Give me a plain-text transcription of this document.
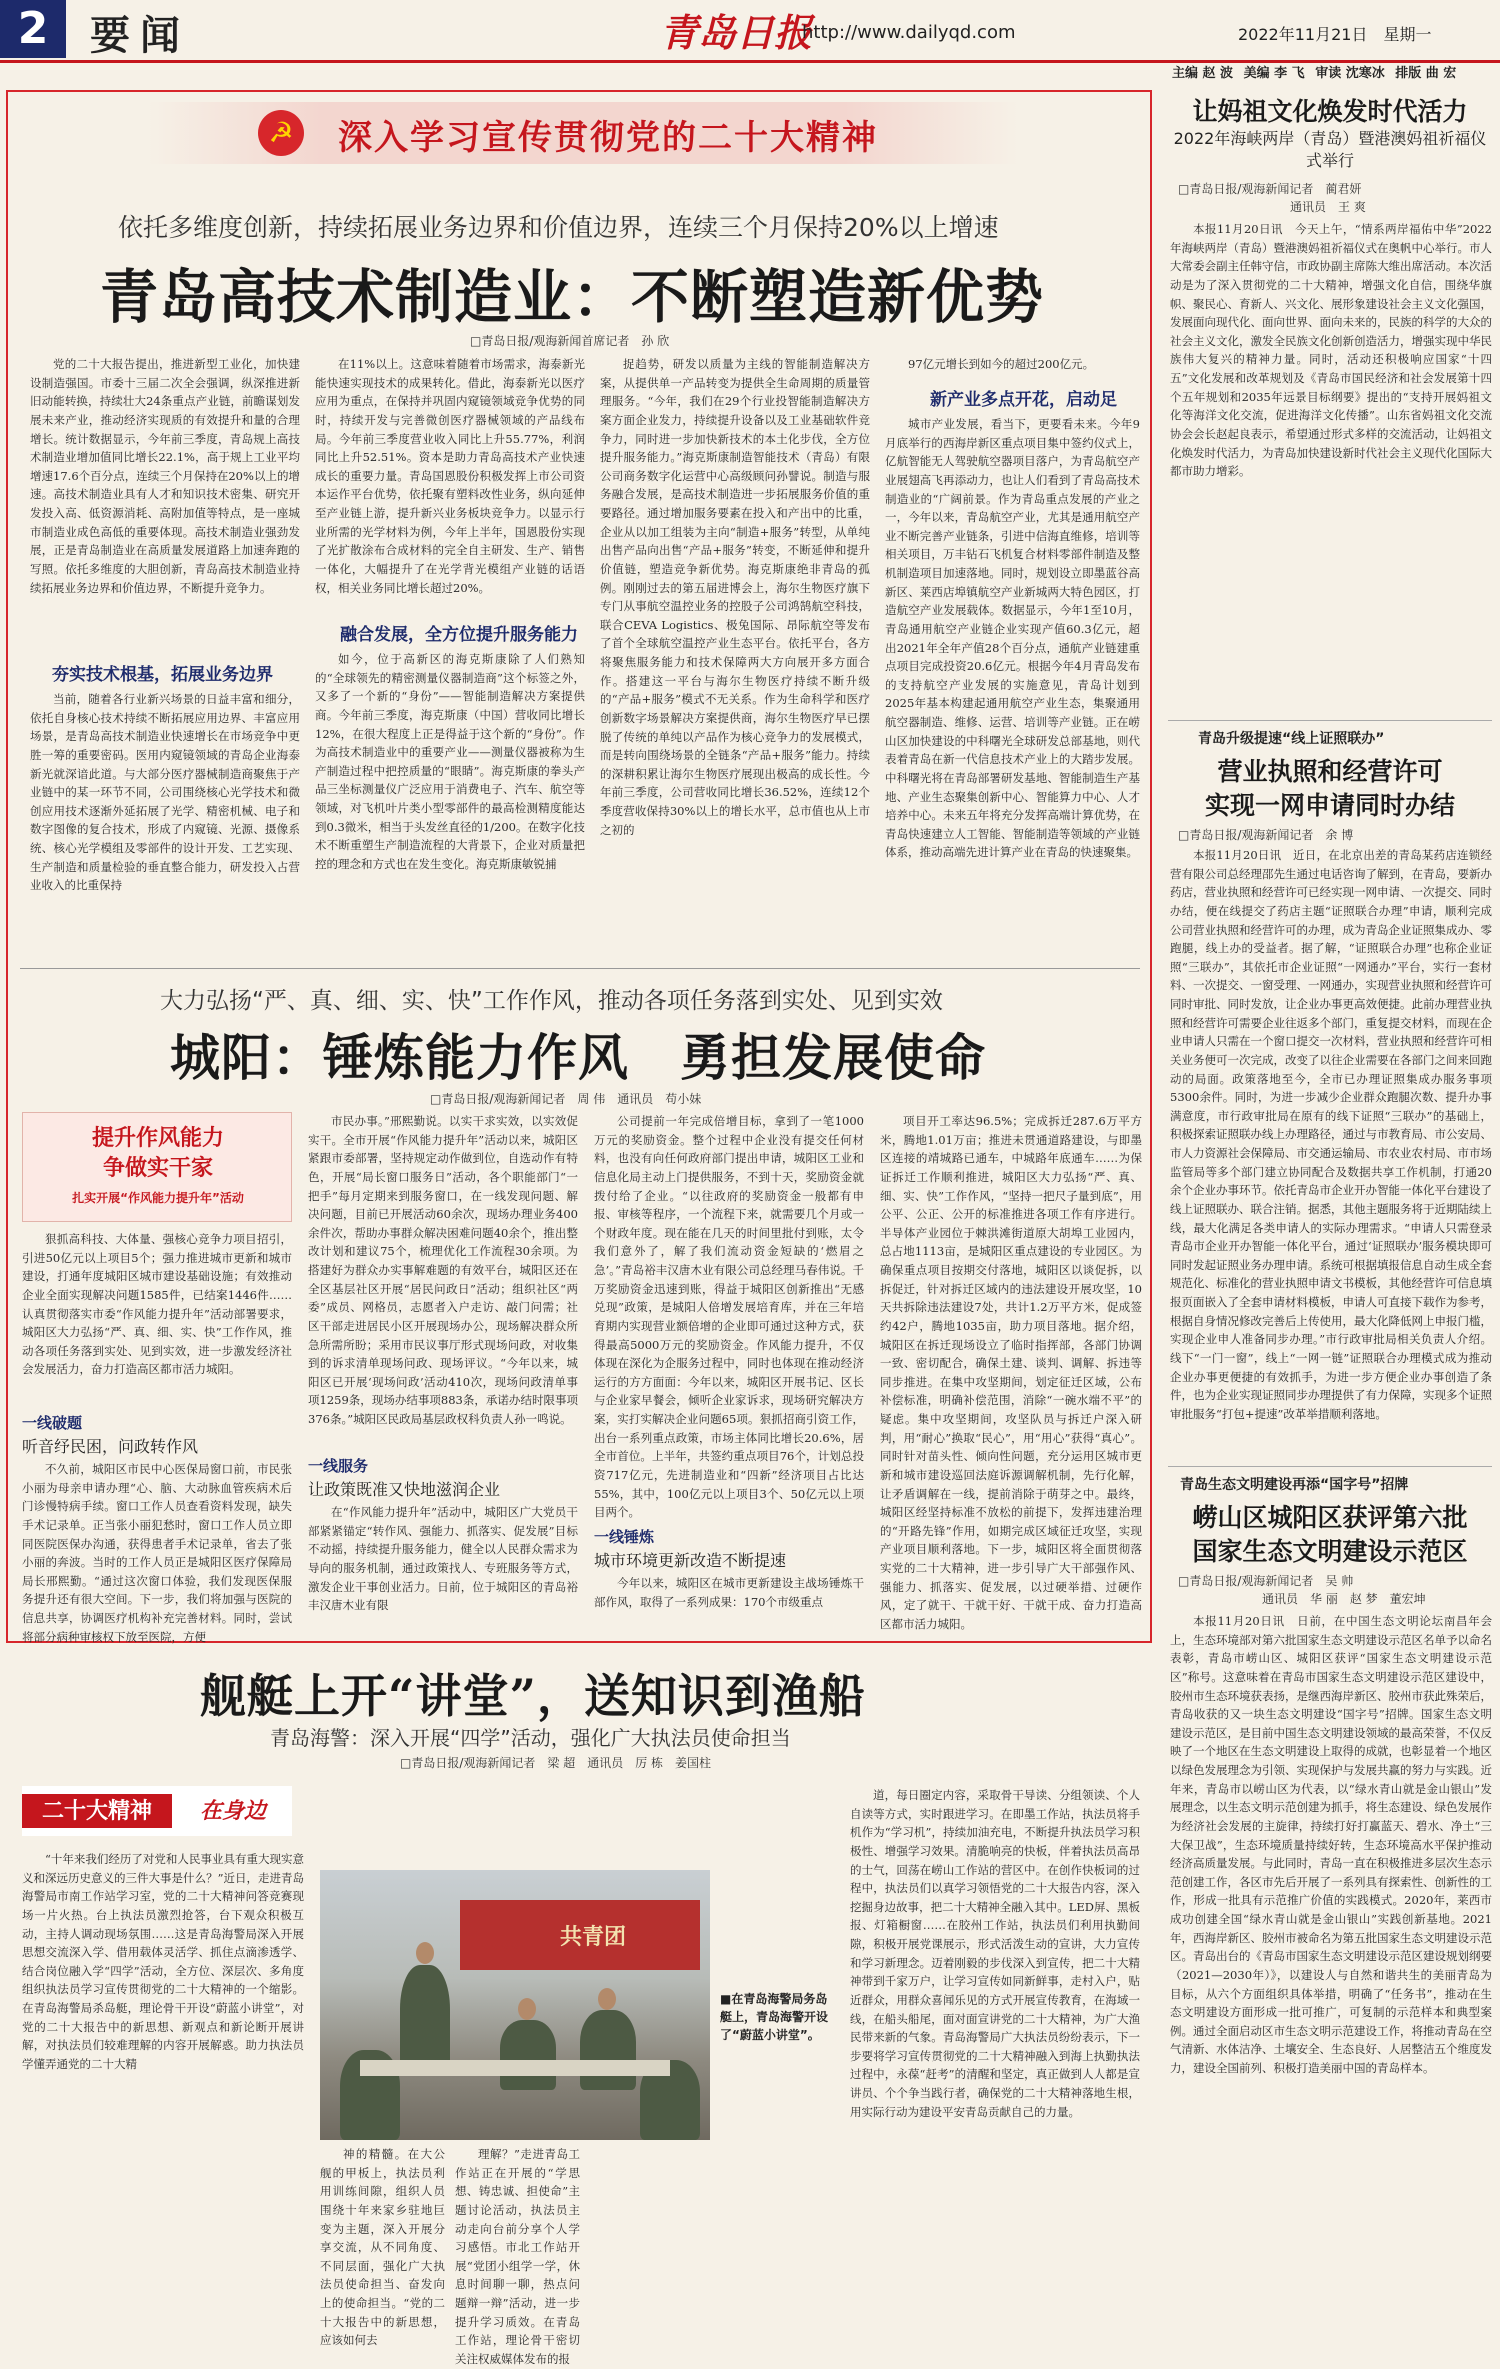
2	要闻	青岛日报
http://www.dailyqd.com	2022年11月21日　星期一
主编 赵 波 美编 李 飞 审读 沈寒冰 排版 曲 宏
☭	深入学习宣传贯彻党的二十大精神
依托多维度创新，持续拓展业务边界和价值边界，连续三个月保持20%以上增速
青岛高技术制造业：不断塑造新优势
□青岛日报/观海新闻首席记者　孙 欣

党的二十大报告提出，推进新型工业化，加快建设制造强国。市委十三届二次全会强调，纵深推进新旧动能转换，持续壮大24条重点产业链，前瞻谋划发展未来产业，推动经济实现质的有效提升和量的合理增长。统计数据显示，今年前三季度，青岛规上高技术制造业增加值同比增长22.1%，高于规上工业平均增速17.6个百分点，连续三个月保持在20%以上的增速。高技术制造业具有人才和知识技术密集、研究开发投入高、低资源消耗、高附加值等特点，是一座城市制造业成色高低的重要体现。高技术制造业强劲发展，正是青岛制造业在高质量发展道路上加速奔跑的写照。依托多维度的大胆创新，青岛高技术制造业持续拓展业务边界和价值边界，不断提升竞争力。

夯实技术根基，拓展业务边界

当前，随着各行业新兴场景的日益丰富和细分，依托自身核心技术持续不断拓展应用边界、丰富应用场景，是青岛高技术制造业快速增长在市场竞争中更胜一筹的重要密码。医用内窥镜领域的青岛企业海泰新光就深谙此道。与大部分医疗器械制造商聚焦于产业链中的某一环节不同，公司围绕核心光学技术和微创应用技术逐渐外延拓展了光学、精密机械、电子和数字图像的复合技术，形成了内窥镜、光源、摄像系统、核心光学模组及零部件的设计开发、工艺实现、生产制造和质量检验的垂直整合能力，研发投入占营业收入的比重保持

在11%以上。这意味着随着市场需求，海泰新光能快速实现技术的成果转化。借此，海泰新光以医疗应用为重点，在保持并巩固内窥镜领域竞争优势的同时，持续开发与完善微创医疗器械领域的产品线布局。今年前三季度营业收入同比上升55.77%，利润同比上升52.51%。资本是助力青岛高技术产业快速成长的重要力量。青岛国恩股份积极发挥上市公司资本运作平台优势，依托聚有塑料改性业务，纵向延伸至产业链上游，提升新兴业务板块竞争力。以显示行业所需的光学材料为例，今年上半年，国恩股份实现了光扩散涂布合成材料的完全自主研发、生产、销售一体化，大幅提升了在光学背光模组产业链的话语权，相关业务同比增长超过20%。

融合发展，全方位提升服务能力

如今，位于高新区的海克斯康除了人们熟知的“全球领先的精密测量仪器制造商”这个标签之外，又多了一个新的“身份”——智能制造解决方案提供商。今年前三季度，海克斯康（中国）营收同比增长12%，在很大程度上正是得益于这个新的“身份”。作为高技术制造业中的重要产业——测量仪器被称为生产制造过程中把控质量的“眼睛”。海克斯康的拳头产品三坐标测量仪广泛应用于消费电子、汽车、航空等领域，对飞机叶片类小型零部件的最高检测精度能达到0.3微米，相当于头发丝直径的1/200。在数字化技术不断重塑生产制造流程的大背景下，企业对质量把控的理念和方式也在发生变化。海克斯康敏锐捕

捉趋势，研发以质量为主线的智能制造解决方案，从提供单一产品转变为提供全生命周期的质量管理服务。“今年，我们在29个行业投智能制造解决方案方面企业发力，持续提升设备以及工业基础软件竞争力，同时进一步加快新技术的本土化步伐，全方位提升服务能力。”海克斯康制造智能技术（青岛）有限公司商务数字化运营中心高级顾问孙譬说。制造与服务融合发展，是高技术制造进一步拓展服务价值的重要路径。通过增加服务要素在投入和产出中的比重，企业从以加工组装为主向“制造+服务”转型，从单纯出售产品向出售“产品+服务”转变，不断延伸和提升价值链，塑造竞争新优势。海克斯康绝非青岛的孤例。刚刚过去的第五届进博会上，海尔生物医疗旗下专门从事航空温控业务的控股子公司鸿鹄航空科技，联合CEVA Logistics、极兔国际、昂际航空等发布了首个全球航空温控产业生态平台。依托平台，各方将聚焦服务能力和技术保障两大方向展开多方面合作。搭建这一平台与海尔生物医疗持续不断升级的“产品+服务”模式不无关系。作为生命科学和医疗创新数字场景解决方案提供商，海尔生物医疗早已摆脱了传统的单纯以产品作为核心竞争力的发展模式，而是转向围绕场景的全链条“产品+服务”能力。持续的深耕积累让海尔生物医疗展现出极高的成长性。今年前三季度，公司营收同比增长36.52%，连续12个季度营收保持30%以上的增长水平，总市值也从上市之初的

97亿元增长到如今的超过200亿元。

新产业多点开花，启动足

城市产业发展，看当下，更要看未来。今年9月底举行的西海岸新区重点项目集中签约仪式上，亿航智能无人驾驶航空器项目落户，为青岛航空产业展翅高飞再添动力，也让人们看到了青岛高技术制造业的“广阔前景。作为青岛重点发展的产业之一，今年以来，青岛航空产业，尤其是通用航空产业不断完善产业链条，引进中信海直维修，培训等相关项目，万丰钻石飞机复合材料零部件制造及整机制造项目加速落地。同时，规划设立即墨蓝谷高新区、莱西店埠镇航空产业新城两大特色园区，打造航空产业发展载体。数据显示，今年1至10月，青岛通用航空产业链企业实现产值60.3亿元，超出2021年全年产值28个百分点，通航产业链建重点项目完成投资20.6亿元。根据今年4月青岛发布的支持航空产业发展的实施意见，青岛计划到2025年基本构建起通用航空产业生态，集聚通用航空器制造、维修、运营、培训等产业链。正在崂山区加快建设的中科曙光全球研发总部基地，则代表着青岛在新一代信息技术产业上的大踏步发展。中科曙光将在青岛部署研发基地、智能制造生产基地、产业生态聚集创新中心、智能算力中心、人才培养中心。未来五年将充分发挥高端计算优势，在青岛快速建立人工智能、智能制造等领域的产业链体系，推动高端先进计算产业在青岛的快速聚集。

大力弘扬“严、真、细、实、快”工作作风，推动各项任务落到实处、见到实效
城阳：锤炼能力作风　勇担发展使命
□青岛日报/观海新闻记者　周 伟　通讯员　苟小妹
提升作风能力
争做实干家
扎实开展“作风能力提升年”活动

狠抓高科技、大体量、强核心竞争力项目招引，引进50亿元以上项目5个；强力推进城市更新和城市建设，打通年度城阳区城市建设基础设施；有效推动企业全面实现解决问题1585件，已结案1446件……认真贯彻落实市委“作风能力提升年”活动部署要求，城阳区大力弘扬“严、真、细、实、快”工作作风，推动各项任务落到实处、见到实效，进一步激发经济社会发展活力，奋力打造高区都市活力城阳。

一线破题
听音纾民困，问政转作风

不久前，城阳区市民中心医保局窗口前，市民张小丽为母亲申请办理“心、脑、大动脉血管疾病术后门诊慢特病手续。窗口工作人员查看资料发现，缺失手术记录单。正当张小丽犯愁时，窗口工作人员立即同医院医保办沟通，获得患者手术记录单，省去了张小丽的奔波。当时的工作人员正是城阳区医疗保障局局长邢熙勤。“通过这次窗口体验，我们发现医保服务提升还有很大空间。下一步，我们将加强与医院的信息共享，协调医疗机构补充完善材料。同时，尝试将部分病种审核权下放至医院，方便

市民办事。”邢熙勤说。以实干求实效，以实效促实干。全市开展“作风能力提升年”活动以来，城阳区紧跟市委部署，坚持规定动作做到位，自选动作有特色，开展“局长窗口服务日”活动，各个职能部门“一把手”每月定期来到服务窗口，在一线发现问题、解决问题，目前已开展活动60余次，现场办理业务400余件次，帮助办事群众解决困难问题40余个，推出整改计划和建议75个，梳理优化工作流程30余项。为搭建好为群众办实事解难题的有效平台，城阳区还在全区基层社区开展“居民问政日”活动；组织社区“两委”成员、网格员，志愿者入户走访、敲门问需；社区干部走进居民小区开展现场办公，现场解决群众所急所需所盼；采用市民议事厅形式现场问政，对收集到的诉求清单现场问政、现场评议。“今年以来，城阳区已开展‘现场问政’活动410次，现场问政清单事项1259条，现场办结事项883条，承诺办结时限事项376条。”城阳区民政局基层政权科负责人孙一鸣说。

一线服务
让政策既准又快地滋润企业

在“作风能力提升年”活动中，城阳区广大党员干部紧紧锚定“转作风、强能力、抓落实、促发展”目标不动摇，持续提升服务能力，健全以人民群众需求为导向的服务机制，通过政策找人、专班服务等方式，激发企业干事创业活力。日前，位于城阳区的青岛裕丰汉唐木业有限

公司提前一年完成倍增目标，拿到了一笔1000万元的奖励资金。整个过程中企业没有提交任何材料，也没有向任何政府部门提出申请，城阳区工业和信息化局主动上门提供服务，不到十天，奖励资金就拨付给了企业。“以往政府的奖励资金一般都有申报、审核等程序，一个流程下来，就需要几个月或一个财政年度。现在能在几天的时间里批付到账，太令我们意外了，解了我们流动资金短缺的‘燃眉之急’。”青岛裕丰汉唐木业有限公司总经理马春伟说。千万奖励资金迅速到账，得益于城阳区创新推出“无感兑现”政策，是城阳人倍增发展培育库，并在三年培育期内实现营业额倍增的企业即可通过这种方式，获得最高5000万元的奖励资金。作风能力提升，不仅体现在深化为企服务过程中，同时也体现在推动经济运行的方方面面：今年以来，城阳区开展书记、区长与企业家早餐会，倾听企业家诉求，现场研究解决方案，实打实解决企业问题65项。狠抓招商引资工作，出台一系列重点政策，市场主体同比增长20.6%，居全市首位。上半年，共签约重点项目76个，计划总投资717亿元，先进制造业和“四新”经济项目占比达55%，其中，100亿元以上项目3个、50亿元以上项目两个。

一线锤炼
城市环境更新改造不断提速

今年以来，城阳区在城市更新建设主战场锤炼干部作风，取得了一系列成果：170个市级重点

项目开工率达96.5%；完成拆迁287.6万平方米，腾地1.01万亩；推进未贯通道路建设，与即墨区连接的靖城路已通车，中城路年底通车……为保证拆迁工作顺利推进，城阳区大力弘扬“严、真、细、实、快”工作作风，“坚持一把尺子量到底”，用公平、公正、公开的标准推进各项工作有序进行。半导体产业园位于棘洪滩街道原大胡埠工业园内，总占地1113亩，是城阳区重点建设的专业园区。为确保重点项目按期交付落地，城阳区以谈促拆，以拆促迁，针对拆迁区域内的违法建设开展攻坚，10天共拆除违法建设7处，共计1.2万平方米，促成签约42户，腾地1035亩，助力项目落地。据介绍，城阳区在拆迁现场设立了临时指挥部，各部门协调一致、密切配合，确保土建、谈判、调解、拆违等同步推进。在集中攻坚期间，划定征迁区域，公布补偿标准，明确补偿范围，消除“一碗水端不平”的疑虑。集中攻坚期间，攻坚队员与拆迁户深入研判，用“耐心”换取“民心”，用“用心”获得“真心”。同时针对苗头性、倾向性问题，充分运用区城市更新和城市建设巡回法庭诉源调解机制，先行化解，让矛盾调解在一线，提前消除于萌芽之中。最终，城阳区经坚持标准不放松的前提下，发挥违建治理的“开路先锋”作用，如期完成区域征迁攻坚，实现产业项目顺利落地。下一步，城阳区将全面贯彻落实党的二十大精神，进一步引导广大干部强作风、强能力、抓落实、促发展，以过硬举措、过硬作风，定了就干、干就干好、干就干成、奋力打造高区都市活力城阳。

舰艇上开“讲堂”，送知识到渔船
青岛海警：深入开展“四学”活动，强化广大执法员使命担当
□青岛日报/观海新闻记者　梁 超　通讯员　厉 栋　姜国柱
二十大精神	在身边

“十年来我们经历了对党和人民事业具有重大现实意义和深远历史意义的三件大事是什么？”近日，走进青岛海警局市南工作站学习室，党的二十大精神问答竞赛现场一片火热。台上执法员激烈抢答，台下观众积极互动，主持人调动现场氛围……这是青岛海警局深入开展思想交流深入学、借用载体灵活学、抓住点滴渗透学、结合岗位融入学“四学”活动，全方位、深层次、多角度组织执法员学习宣传贯彻党的二十大精神的一个缩影。在青岛海警局杀岛艇，理论骨干开设“蔚蓝小讲堂”，对党的二十大报告中的新思想、新观点和新论断开展讲解，对执法员们较难理解的内容开展解惑。助力执法员学懂弄通党的二十大精

共青团
■在青岛海警局务岛艇上，青岛海警开设了“蔚蓝小讲堂”。

神的精髓。在大公舰的甲板上，执法员利用训练间隙，组织人员围绕十年来家乡驻地巨变为主题，深入开展分享交流，从不同角度、不同层面，强化广大执法员使命担当、奋发向上的使命担当。“党的二十大报告中的新思想，应该如何去

理解？”走进青岛工作站正在开展的“学思想、铸忠诚、担使命”主题讨论活动，执法员主动走向台前分享个人学习感悟。市北工作站开展“党团小组学一学，休息时间聊一聊，热点问题辩一辩”活动，进一步提升学习质效。在青岛工作站，理论骨干密切关注权威媒体发布的报

道，每日圈定内容，采取骨干导读、分组领读、个人自读等方式，实时跟进学习。在即墨工作站，执法员将手机作为“学习机”，持续加油充电，不断提升执法员学习积极性、增强学习效果。清脆响亮的快板，伴着执法员高昂的士气，回荡在崂山工作站的营区中。在创作快板词的过程中，执法员们以真学习领悟党的二十大报告内容，深入挖掘身边故事，把二十大精神全融入其中。LED屏、黑板报、灯箱橱窗……在胶州工作站，执法员们利用执勤间隙，积极开展党课展示，形式活泼生动的宣讲，大力宣传和学习新理念。迈着刚毅的步伐深入到宣传，把二十大精神带到千家万户，让学习宣传如同新鲜事，走村入户，贴近群众，用群众喜闻乐见的方式开展宣传教育，在海域一线，在船头船尾，面对面宣讲党的二十大精神，为广大渔民带来新的气象。青岛海警局广大执法员纷纷表示，下一步要将学习宣传贯彻党的二十大精神融入到海上执勤执法过程中，永葆“赶考”的清醒和坚定，真正做到人人都是宣讲员、个个争当践行者，确保党的二十大精神落地生根，用实际行动为建设平安青岛贡献自己的力量。

让妈祖文化焕发时代活力
2022年海峡两岸（青岛）暨港澳妈祖祈福仪式举行
□青岛日报/观海新闻记者　蔺君妍
通讯员　王 爽

本报11月20日讯　今天上午，“情系两岸福佑中华”2022年海峡两岸（青岛）暨港澳妈祖祈福仪式在奥帆中心举行。市人大常委会副主任韩守信，市政协副主席陈大维出席活动。本次活动是为了深入贯彻党的二十大精神，增强文化自信，围绕华旗帜、聚民心、育新人、兴文化、展形象建设社会主义文化强国，发展面向现代化、面向世界、面向未来的，民族的科学的大众的社会主义文化，激发全民族文化创新创造活力，增强实现中华民族伟大复兴的精神力量。同时，活动还积极响应国家“十四五”文化发展和改革规划及《青岛市国民经济和社会发展第十四个五年规划和2035年远景目标纲要》提出的“支持开展妈祖文化等海洋文化交流，促进海洋文化传播”。山东省妈祖文化交流协会会长赵起良表示，希望通过形式多样的交流活动，让妈祖文化焕发时代活力，为青岛加快建设新时代社会主义现代化国际大都市助力增彩。

青岛升级提速“线上证照联办”
营业执照和经营许可
实现一网申请同时办结
□青岛日报/观海新闻记者　余 博

本报11月20日讯　近日，在北京出差的青岛某药店连锁经营有限公司总经理邵先生通过电话咨询了解到，在青岛，要新办药店，营业执照和经营许可已经实现一网申请、一次提交、同时办结，便在线提交了药店主题“证照联合办理”申请，顺利完成公司营业执照和经营许可的办理，成为青岛企业证照集成办、零跑腿，线上办的受益者。据了解，“证照联合办理”也称企业证照“三联办”，其依托市企业证照“一网通办”平台，实行一套材料、一次提交、一窗受理、一网通办，实现营业执照和经营许可同时审批、同时发放，让企业办事更高效便捷。此前办理营业执照和经营许可需要企业往返多个部门，重复提交材料，而现在企业申请人只需在一个窗口提交一次材料，营业执照和经营许可相关业务便可一次完成，改变了以往企业需要在各部门之间来回跑动的局面。政策落地至今，全市已办理证照集成办服务事项5300余件。同时，为进一步减少企业群众跑腿次数、提升办事满意度，市行政审批局在原有的线下证照“三联办”的基础上，积极探索证照联办线上办理路径，通过与市教育局、市公安局、市人力资源社会保障局、市交通运输局、市农业农村局、市市场监管局等多个部门建立协同配合及数据共享工作机制，打通20余个企业办事环节。依托青岛市企业开办智能一体化平台建设了线上证照联办、联合注销。据悉，其他主题服务将于近期陆续上线，最大化满足各类申请人的实际办理需求。“申请人只需登录青岛市企业开办智能一体化平台，通过‘证照联办’服务模块即可同时发起证照业务办理申请。系统可根据填报信息自动生成全套规范化、标准化的营业执照申请文书模板，其他经营许可信息填报页面嵌入了全套申请材料模板，申请人可直接下载作为参考，根据自身情况修改完善后上传使用，最大化降低网上申报门槛，实现企业申人准备同步办理。”市行政审批局相关负责人介绍。线下“一门一窗”，线上“一网一链”证照联合办理模式成为推动企业办事更便捷的有效抓手，为进一步方便企业办事创造了条件，也为企业实现证照同步办理提供了有力保障，实现多个证照审批服务“打包+提速”改革举措顺利落地。

青岛生态文明建设再添“国字号”招牌
崂山区城阳区获评第六批
国家生态文明建设示范区
□青岛日报/观海新闻记者　吴 帅
通讯员　华 丽　赵 梦　董宏坤

本报11月20日讯　日前，在中国生态文明论坛南昌年会上，生态环境部对第六批国家生态文明建设示范区名单予以命名表彰，青岛市崂山区、城阳区获评“国家生态文明建设示范区”称号。这意味着在青岛市国家生态文明建设示范区建设中，胶州市生态环境获表扬，是继西海岸新区、胶州市获此殊荣后，青岛收获的又一块生态文明建设“国字号”招牌。国家生态文明建设示范区，是目前中国生态文明建设领域的最高荣誉，不仅反映了一个地区在生态文明建设上取得的成就，也彰显着一个地区以绿色发展理念为引领、实现保护与发展共赢的努力与实践。近年来，青岛市以崂山区为代表，以“绿水青山就是金山银山”发展理念，以生态文明示范创建为抓手，将生态建设、绿色发展作为经济社会发展的主旋律，持续打好打赢蓝天、碧水、净土“三大保卫战”，生态环境质量持续好转，生态环境高水平保护推动经济高质量发展。与此同时，青岛一直在积极推进多层次生态示范创建工作，各区市先后开展了一系列具有探索性、创新性的工作，形成一批具有示范推广价值的实践模式。2020年，莱西市成功创建全国“绿水青山就是金山银山”实践创新基地。2021年，西海岸新区、胶州市被命名为第五批国家生态文明建设示范区。青岛出台的《青岛市国家生态文明建设示范区建设规划纲要（2021—2030年）》，以建设人与自然和谐共生的美丽青岛为目标，从六个方面组织具体举措，明确了“任务书”，推动在生态文明建设方面形成一批可推广，可复制的示范样本和典型案例。通过全面启动区市生态文明示范建设工作，将推动青岛在空气清新、水体洁净、土壤安全、生态良好、人居整洁五个维度发力，建设全国前列、积极打造美丽中国的青岛样本。
